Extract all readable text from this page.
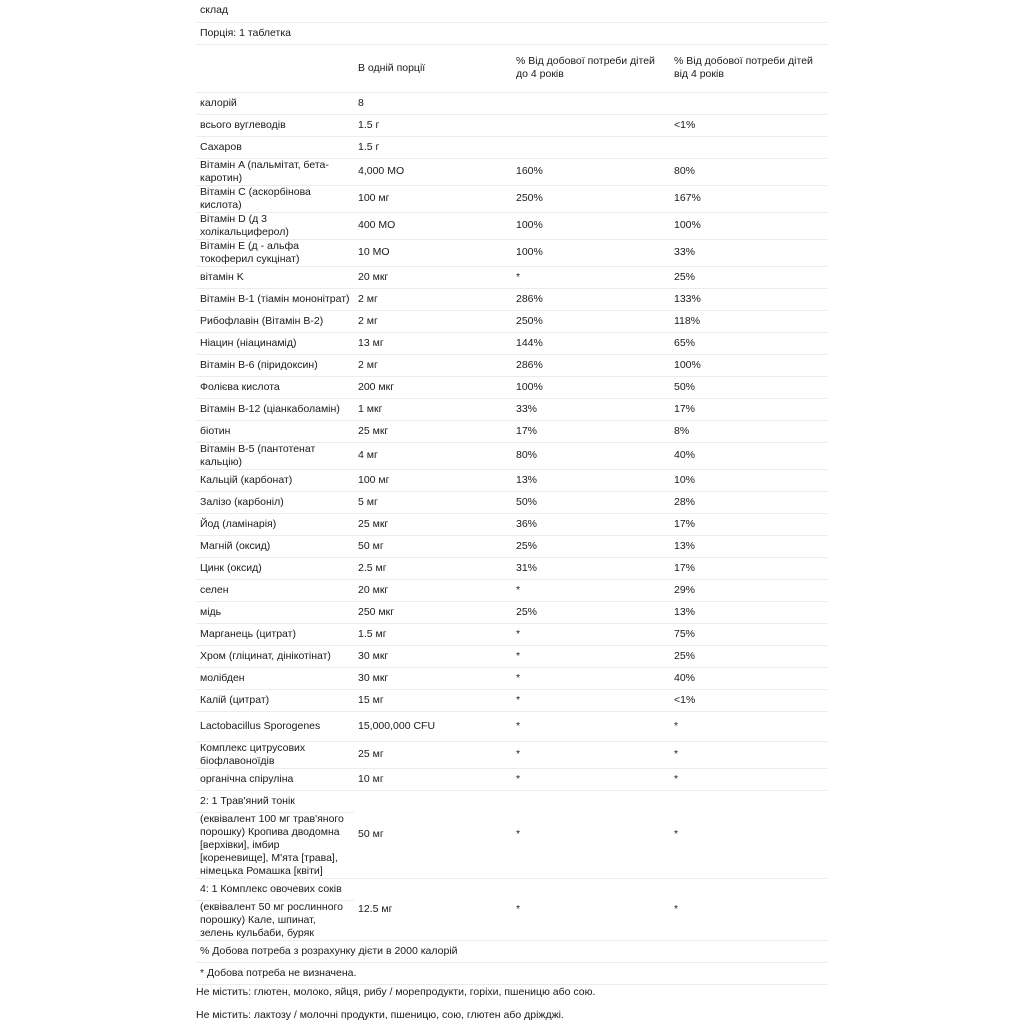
склад			
Порція: 1 таблетка			
	В одній порції	% Від добової потреби дітей до 4 років	% Від добової потреби дітей від 4 років
калорій	8		
всього вуглеводів	1.5 г		<1%
Сахаров	1.5 г		
Вітамін A (пальмітат, бета-каротин)	4,000 МО	160%	80%
Вітамін C (аскорбінова кислота)	100 мг	250%	167%
Вітамін D (д 3 холікальциферол)	400 МО	100%	100%
Вітамін E (д - альфа токоферил сукцінат)	10 МО	100%	33%
вітамін K	20 мкг	*	25%
Вітамін В-1 (тіамін мононітрат)	2 мг	286%	133%
Рибофлавін (Вітамін В-2)	2 мг	250%	118%
Ніацин (ніацинамід)	13 мг	144%	65%
Вітамін В-6 (піридоксин)	2 мг	286%	100%
Фолієва кислота	200 мкг	100%	50%
Вітамін В-12 (ціанкаболамін)	1 мкг	33%	17%
біотин	25 мкг	17%	8%
Вітамін В-5 (пантотенат кальцію)	4 мг	80%	40%
Кальцій (карбонат)	100 мг	13%	10%
Залізо (карбоніл)	5 мг	50%	28%
Йод (ламінарія)	25 мкг	36%	17%
Магній (оксид)	50 мг	25%	13%
Цинк (оксид)	2.5 мг	31%	17%
селен	20 мкг	*	29%
мідь	250 мкг	25%	13%
Марганець (цитрат)	1.5 мг	*	75%
Хром (гліцинат, дінікотінат)	30 мкг	*	25%
молібден	30 мкг	*	40%
Калій (цитрат)	15 мг	*	<1%
Lactobacillus Sporogenes	15,000,000 CFU	*	*
Комплекс цитрусових біофлавоноїдів	25 мг	*	*
органічна спіруліна	10 мг	*	*
2: 1 Трав'яний тонік	50 мг	*	*
(еквівалент 100 мг трав'яного порошку) Кропива дводомна [верхівки], імбир [кореневище], М'ята [трава], німецька Ромашка [квіти]			
4: 1 Комплекс овочевих соків	12.5 мг	*	*
(еквівалент 50 мг рослинного порошку) Кале, шпинат, зелень кульбаби, буряк			
% Добова потреба з розрахунку дієти в 2000 калорій			
* Добова потреба не визначена.			
Не містить: глютен, молоко, яйця, рибу / морепродукти, горіхи, пшеницю або сою.
Не містить: лактозу / молочні продукти, пшеницю, сою, глютен або дріжджі.
